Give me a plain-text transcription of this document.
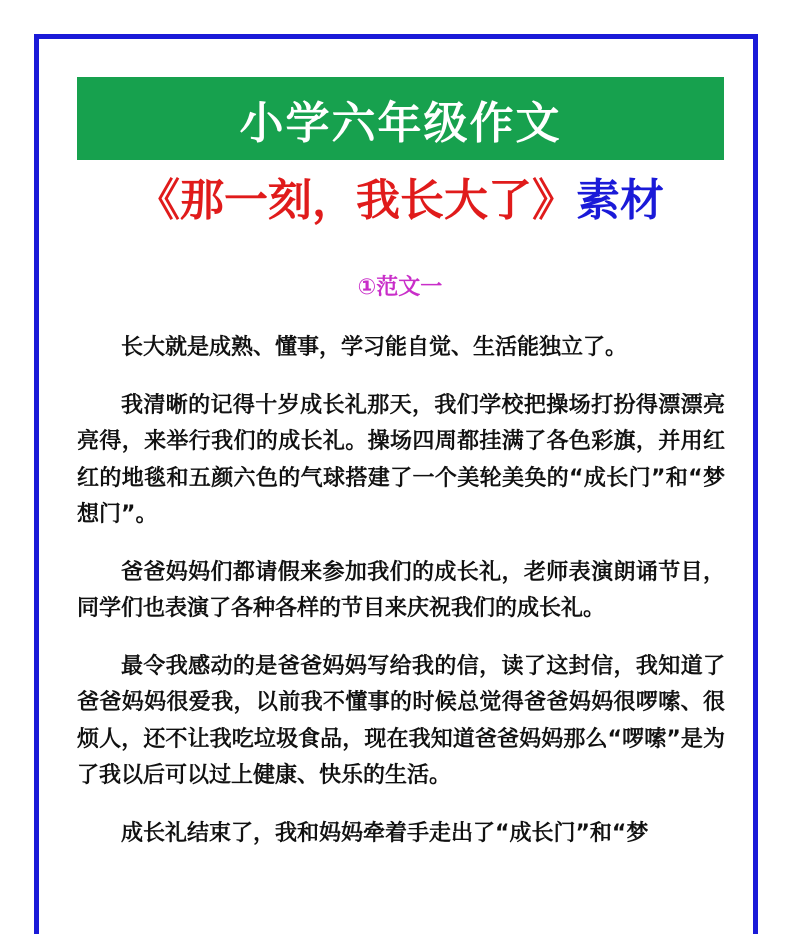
小学六年级作文
《那一刻，我长大了》素材
①范文一

长大就是成熟、懂事，学习能自觉、生活能独立了。

我清晰的记得十岁成长礼那天，我们学校把操场打扮得漂漂亮亮得，来举行我们的成长礼。操场四周都挂满了各色彩旗，并用红红的地毯和五颜六色的气球搭建了一个美轮美奂的“成长门”和“梦想门”。

爸爸妈妈们都请假来参加我们的成长礼，老师表演朗诵节目，同学们也表演了各种各样的节目来庆祝我们的成长礼。

最令我感动的是爸爸妈妈写给我的信，读了这封信，我知道了爸爸妈妈很爱我，以前我不懂事的时候总觉得爸爸妈妈很啰嗦、很烦人，还不让我吃垃圾食品，现在我知道爸爸妈妈那么“啰嗦”是为了我以后可以过上健康、快乐的生活。

成长礼结束了，我和妈妈牵着手走出了“成长门”和“梦
